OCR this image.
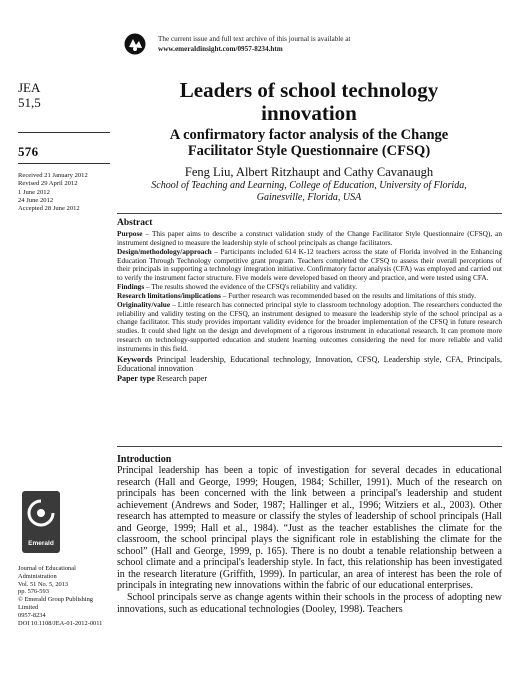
The current issue and full text archive of this journal is available at
www.emeraldinsight.com/0957-8234.htm
JEA
51,5
576
Received 21 January 2012
Revised 29 April 2012
1 June 2012
24 June 2012
Accepted 28 June 2012
Leaders of school technology
innovation
A confirmatory factor analysis of the Change
Facilitator Style Questionnaire (CFSQ)
Feng Liu, Albert Ritzhaupt and Cathy Cavanaugh
School of Teaching and Learning, College of Education, University of Florida,
Gainesville, Florida, USA
Abstract

Purpose – This paper aims to describe a construct validation study of the Change Facilitator Style Questionnaire (CFSQ), an instrument designed to measure the leadership style of school principals as change facilitators.

Design/methodology/approach – Participants included 614 K-12 teachers across the state of Florida involved in the Enhancing Education Through Technology competitive grant program. Teachers completed the CFSQ to assess their overall perceptions of their principals in supporting a technology integration initiative. Confirmatory factor analysis (CFA) was employed and carried out to verify the instrument factor structure. Five models were developed based on theory and practice, and were tested using CFA.

Findings – The results showed the evidence of the CFSQ's reliability and validity.

Research limitations/implications – Further research was recommended based on the results and limitations of this study.

Originality/value – Little research has connected principal style to classroom technology adoption. The researchers conducted the reliability and validity testing on the CFSQ, an instrument designed to measure the leadership style of the school principal as a change facilitator. This study provides important validity evidence for the broader implementation of the CFSQ in future research studies. It could shed light on the design and development of a rigorous instrument in educational research. It can promote more research on technology-supported education and student learning outcomes considering the need for more reliable and valid instruments in this field.

Keywords Principal leadership, Educational technology, Innovation, CFSQ, Leadership style, CFA, Principals, Educational innovation

Paper type Research paper

Introduction

Principal leadership has been a topic of investigation for several decades in educational research (Hall and George, 1999; Hougen, 1984; Schiller, 1991). Much of the research on principals has been concerned with the link between a principal's leadership and student achievement (Andrews and Soder, 1987; Hallinger et al., 1996; Witziers et al., 2003). Other research has attempted to measure or classify the styles of leadership of school principals (Hall and George, 1999; Hall et al., 1984). “Just as the teacher establishes the climate for the classroom, the school principal plays the significant role in establishing the climate for the school” (Hall and George, 1999, p. 165). There is no doubt a tenable relationship between a school climate and a principal's leadership style. In fact, this relationship has been investigated in the research literature (Griffith, 1999). In particular, an area of interest has been the role of principals in integrating new innovations within the fabric of our educational enterprises.

School principals serve as change agents within their schools in the process of adopting new innovations, such as educational technologies (Dooley, 1998). Teachers

Emerald
Journal of Educational
Administration
Vol. 51 No. 5, 2013
pp. 576-593
© Emerald Group Publishing Limited
0957-8234
DOI 10.1108/JEA-01-2012-0011
